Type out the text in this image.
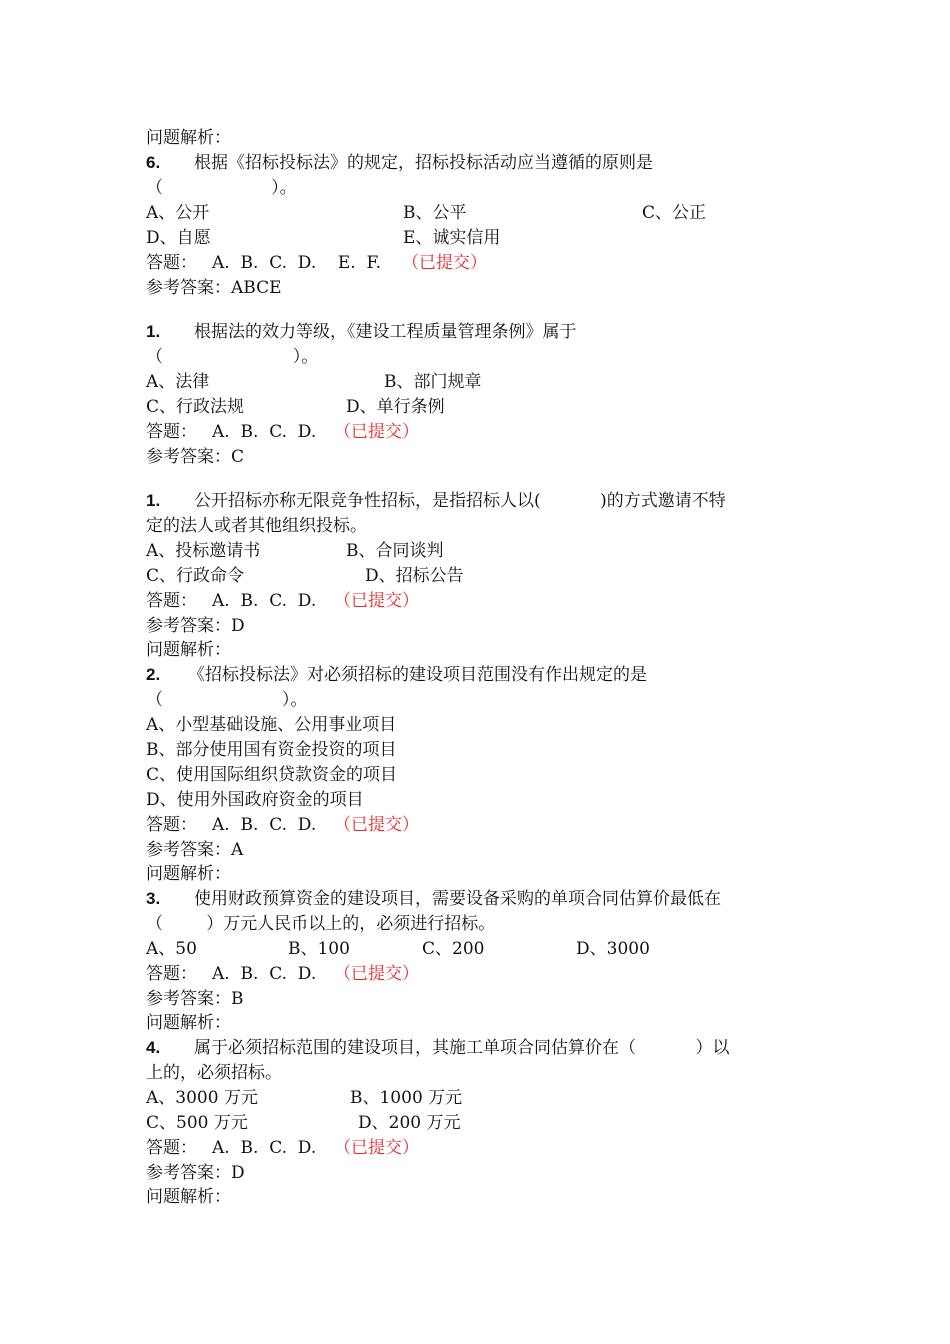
问题解析：
6. 根据《招标投标法》的规定，招标投标活动应当遵循的原则是
（                    ）。
A、公开	B、公平	C、公正
D、自愿	E、诚实信用
答题： A.  B.  C.  D.    E.  F. （已提交）
参考答案：ABCE
1. 根据法的效力等级，《建设工程质量管理条例》属于
（                        ）。
A、法律	B、部门规章
C、行政法规	D、单行条例
答题： A.  B.  C.  D. （已提交）
参考答案：C
1. 公开招标亦称无限竞争性招标，是指招标人以(           )的方式邀请不特
定的法人或者其他组织投标。
A、投标邀请书	B、合同谈判
C、行政命令	D、招标公告
答题： A.  B.  C.  D. （已提交）
参考答案：D
问题解析：
2. 《招标投标法》对必须招标的建设项目范围没有作出规定的是
（                      ）。
A、小型基础设施、公用事业项目
B、部分使用国有资金投资的项目
C、使用国际组织贷款资金的项目
D、使用外国政府资金的项目
答题： A.  B.  C.  D. （已提交）
参考答案：A
问题解析：
3. 使用财政预算资金的建设项目，需要设备采购的单项合同估算价最低在
（        ）万元人民币以上的，必须进行招标。
A、50	B、100	C、200	D、3000
答题： A.  B.  C.  D. （已提交）
参考答案：B
问题解析：
4. 属于必须招标范围的建设项目，其施工单项合同估算价在（           ）以
上的，必须招标。
A、3000 万元	B、1000 万元
C、500 万元	D、200 万元
答题： A.  B.  C.  D. （已提交）
参考答案：D
问题解析：
